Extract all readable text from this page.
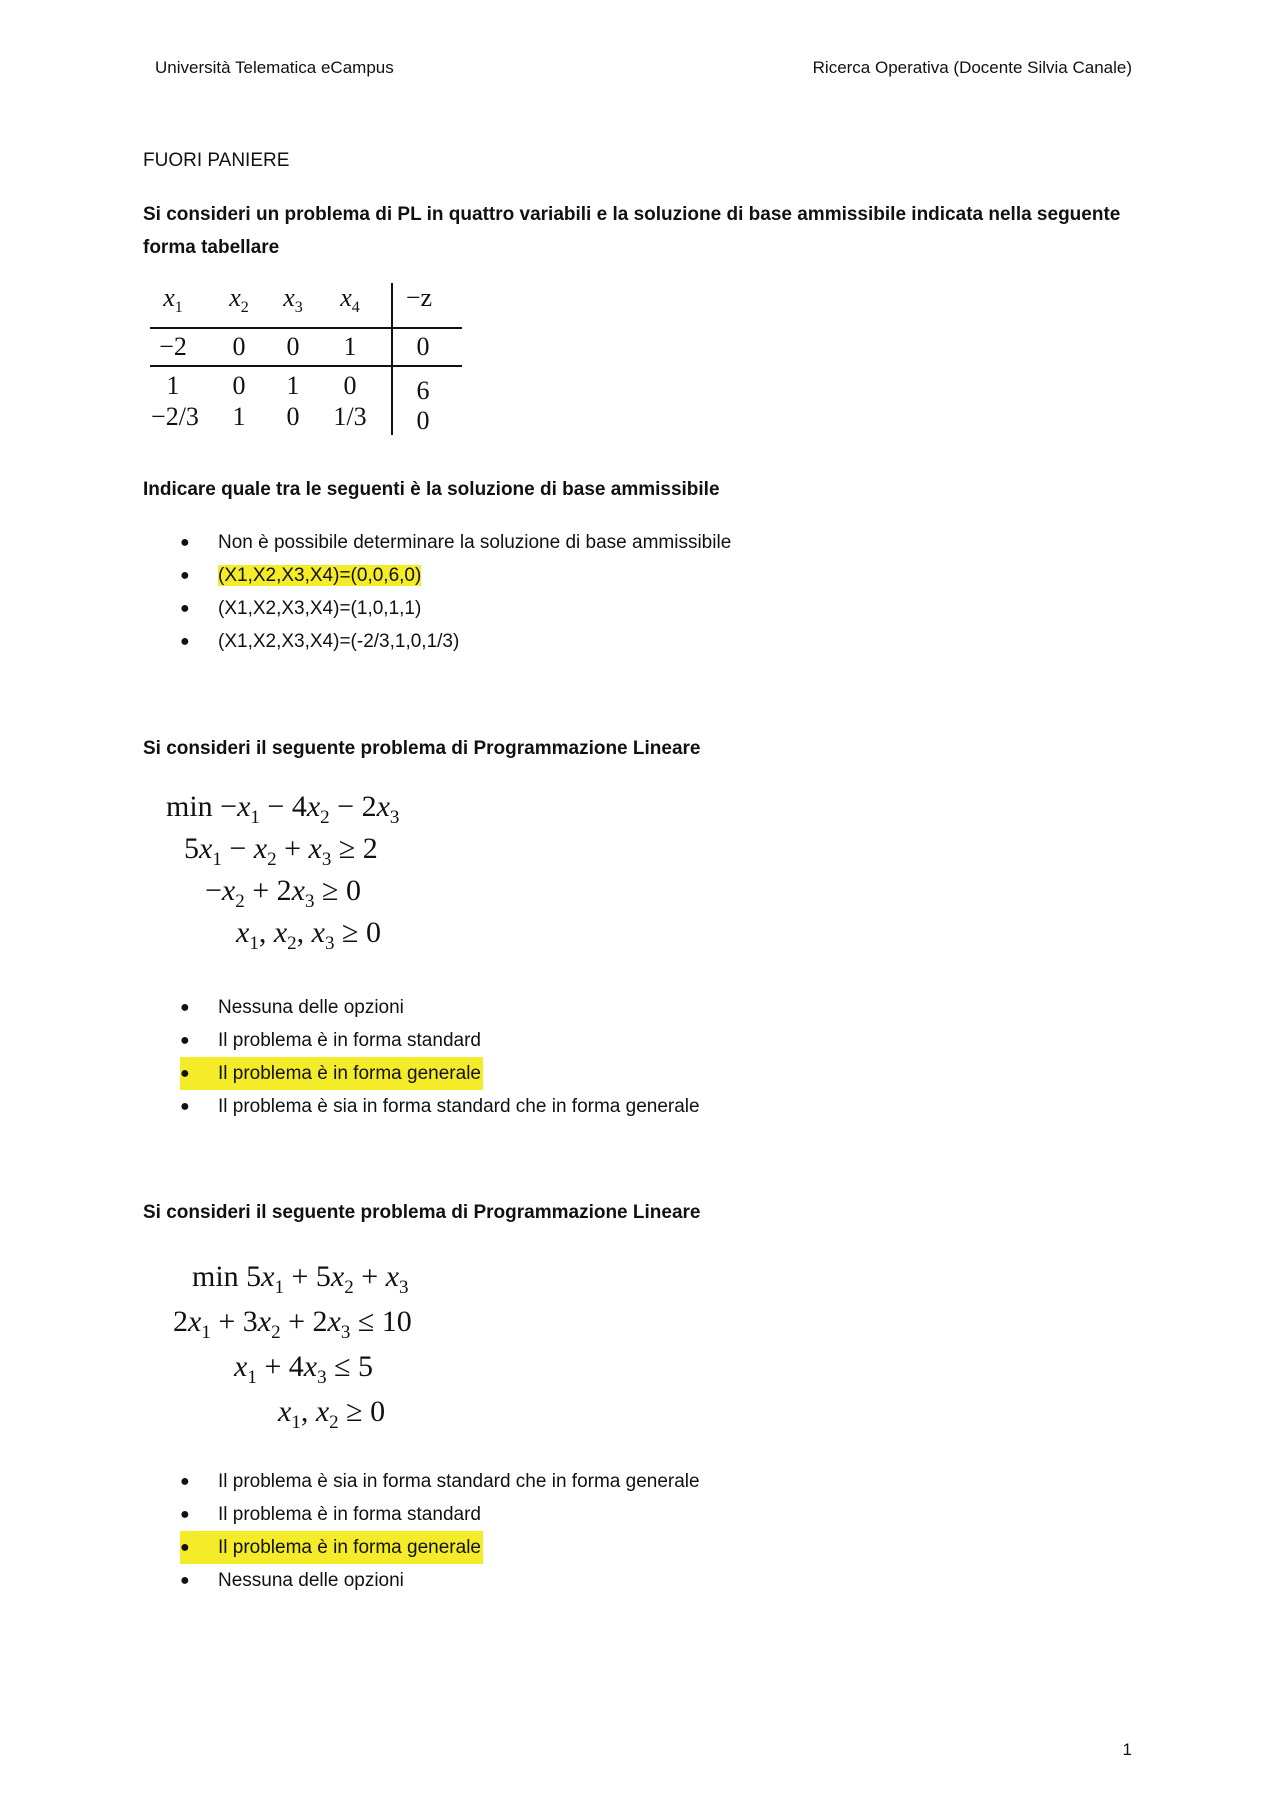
Università Telematica eCampus	Ricerca Operativa (Docente Silvia Canale)
FUORI PANIERE
Si consideri un problema di PL in quattro variabili e la soluzione di base ammissibile indicata nella seguente forma tabellare
$x_1$	$x_2$	$x_3$	$x_4$	−z
−2	0	0	1	0
1	0	1	0	6
−2/3	1	0	1/3	0
Indicare quale tra le seguenti è la soluzione di base ammissibile
●	Non è possibile determinare la soluzione di base ammissibile
●	(X1,X2,X3,X4)=(0,0,6,0)
●	(X1,X2,X3,X4)=(1,0,1,1)
●	(X1,X2,X3,X4)=(-2/3,1,0,1/3)
Si consideri il seguente problema di Programmazione Lineare
$\min -x_1 - 4x_2 - 2x_3$
$5x_1 - x_2 + x_3 \ge 2$
$-x_2 + 2x_3 \ge 0$
$x_1$, $x_2$, $x_3 \ge 0$
●	Nessuna delle opzioni
●	Il problema è in forma standard
●	Il problema è in forma generale
●	Il problema è sia in forma standard che in forma generale
Si consideri il seguente problema di Programmazione Lineare
$\min 5x_1 + 5x_2 + x_3$
$2x_1 + 3x_2 + 2x_3 \le 10$
$x_1 + 4x_3 \le 5$
$x_1$, $x_2 \ge 0$
●	Il problema è sia in forma standard che in forma generale
●	Il problema è in forma standard
●	Il problema è in forma generale
●	Nessuna delle opzioni
1
